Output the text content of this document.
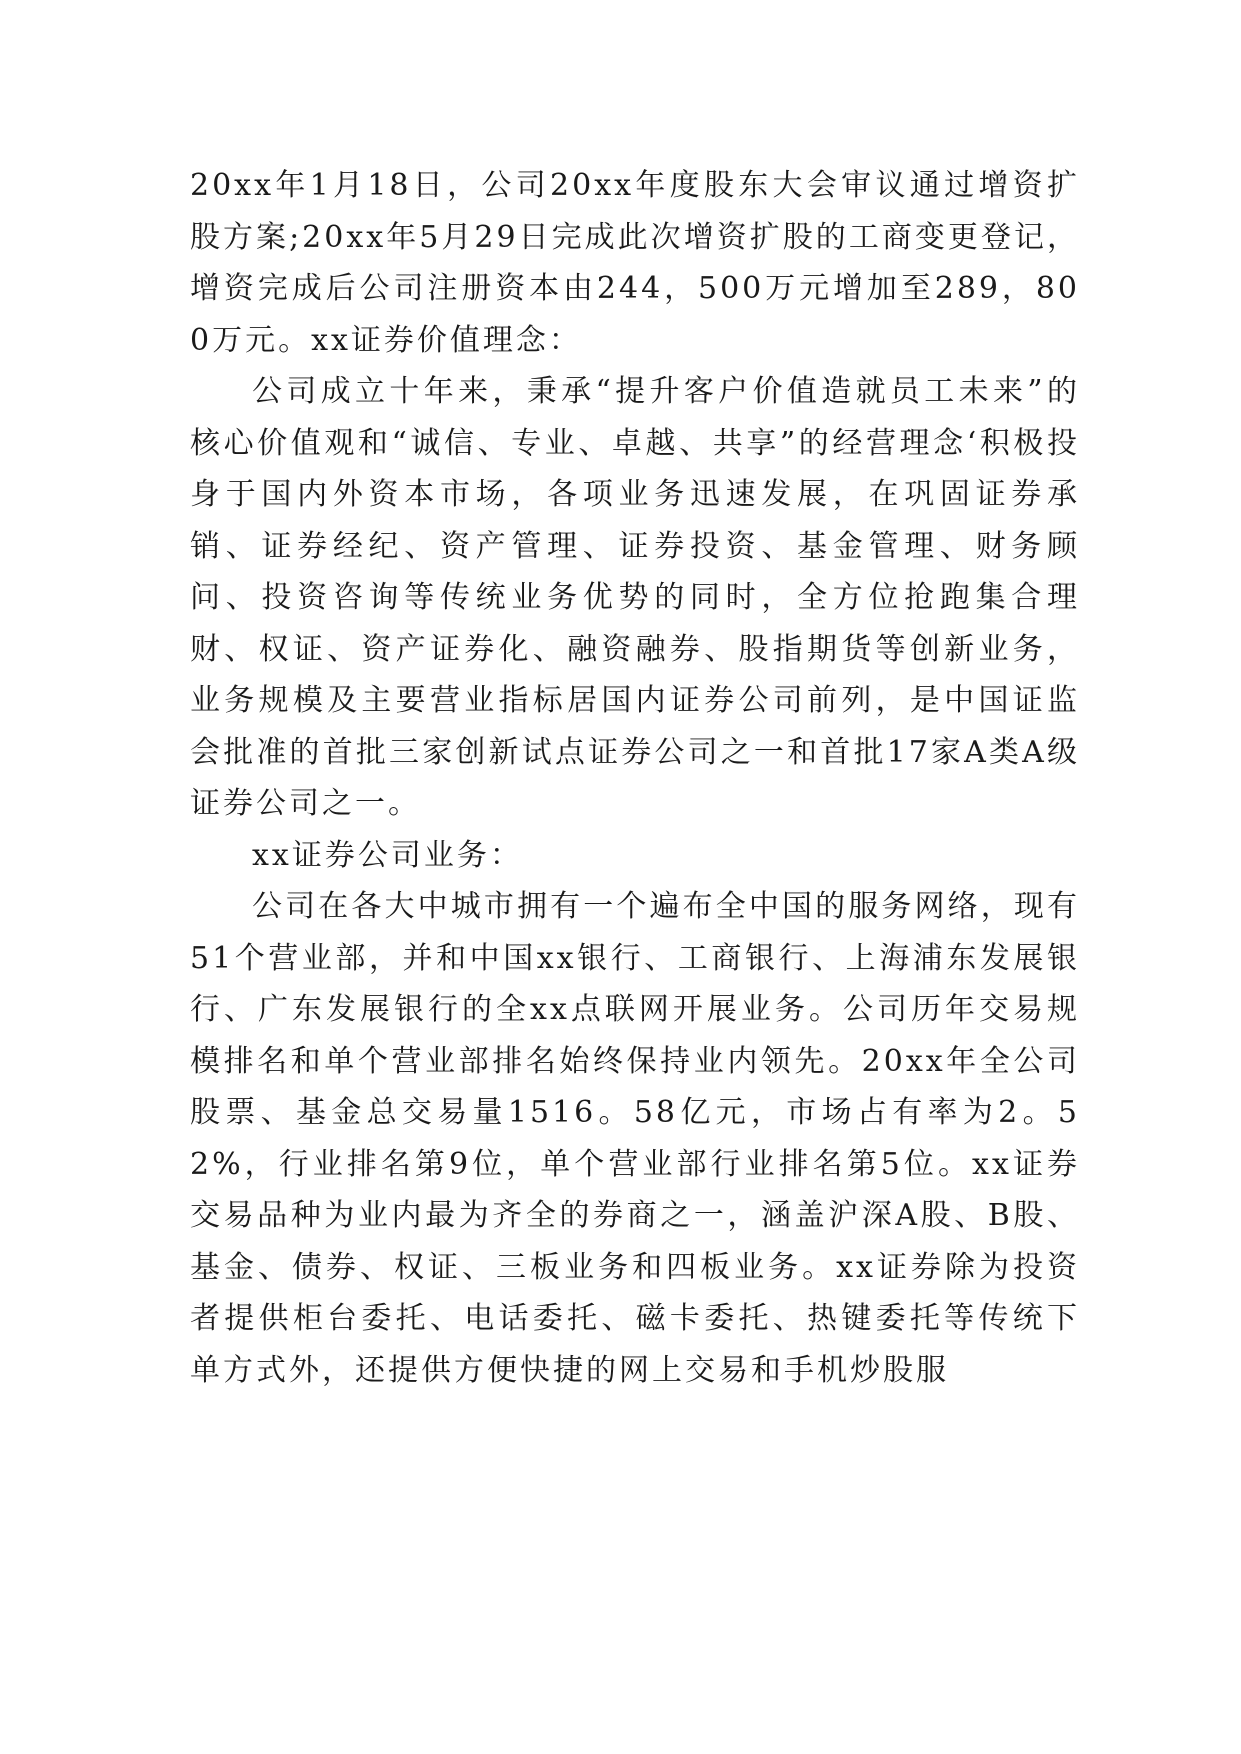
20xx年1月18日，公司20xx年度股东大会审议通过增资扩股方案;20xx年5月29日完成此次增资扩股的工商变更登记，增资完成后公司注册资本由244，500万元增加至289，800万元。xx证券价值理念：

公司成立十年来，秉承“提升客户价值造就员工未来”的核心价值观和“诚信、专业、卓越、共享”的经营理念‘积极投身于国内外资本市场，各项业务迅速发展，在巩固证券承销、证券经纪、资产管理、证券投资、基金管理、财务顾问、投资咨询等传统业务优势的同时，全方位抢跑集合理财、权证、资产证券化、融资融券、股指期货等创新业务，业务规模及主要营业指标居国内证券公司前列，是中国证监会批准的首批三家创新试点证券公司之一和首批17家A类A级证券公司之一。

xx证券公司业务：

公司在各大中城市拥有一个遍布全中国的服务网络，现有51个营业部，并和中国xx银行、工商银行、上海浦东发展银行、广东发展银行的全xx点联网开展业务。公司历年交易规模排名和单个营业部排名始终保持业内领先。20xx年全公司股票、基金总交易量1516。58亿元，市场占有率为2。52%，行业排名第9位，单个营业部行业排名第5位。xx证券交易品种为业内最为齐全的券商之一，涵盖沪深A股、B股、基金、债券、权证、三板业务和四板业务。xx证券除为投资者提供柜台委托、电话委托、磁卡委托、热键委托等传统下单方式外，还提供方便快捷的网上交易和手机炒股服
